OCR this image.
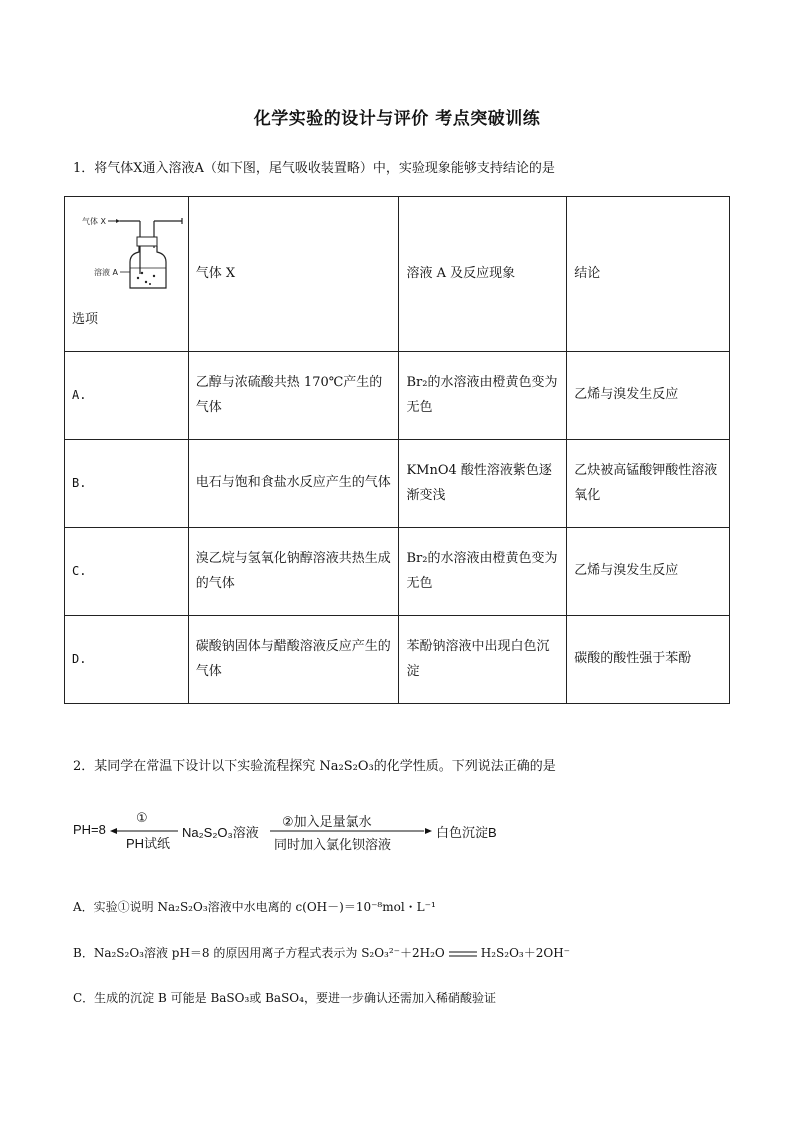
化学实验的设计与评价 考点突破训练
1．将气体X通入溶液A（如下图，尾气吸收装置略）中，实验现象能够支持结论的是
气体 X
溶液 A
选项	气体 X	溶液 A 及反应现象	结论
A.	乙醇与浓硫酸共热 170℃产生的气体	Br₂的水溶液由橙黄色变为无色	乙烯与溴发生反应
B.	电石与饱和食盐水反应产生的气体	KMnO4 酸性溶液紫色逐渐变浅	乙炔被高锰酸钾酸性溶液氧化
C.	溴乙烷与氢氧化钠醇溶液共热生成的气体	Br₂的水溶液由橙黄色变为无色	乙烯与溴发生反应
D.	碳酸钠固体与醋酸溶液反应产生的气体	苯酚钠溶液中出现白色沉淀	碳酸的酸性强于苯酚
2．某同学在常温下设计以下实验流程探究 Na₂S₂O₃的化学性质。下列说法正确的是
PH=8
①
PH试纸
Na₂S₂O₃溶液
②加入足量氯水
同时加入氯化钡溶液
白色沉淀B
A．实验①说明 Na₂S₂O₃溶液中水电离的 c(OH－)＝10⁻⁸mol・L⁻¹
B．Na₂S₂O₃溶液 pH＝8 的原因用离子方程式表示为 S₂O₃²⁻＋2H₂O	H₂S₂O₃＋2OH⁻
C．生成的沉淀 B 可能是 BaSO₃或 BaSO₄，要进一步确认还需加入稀硝酸验证
